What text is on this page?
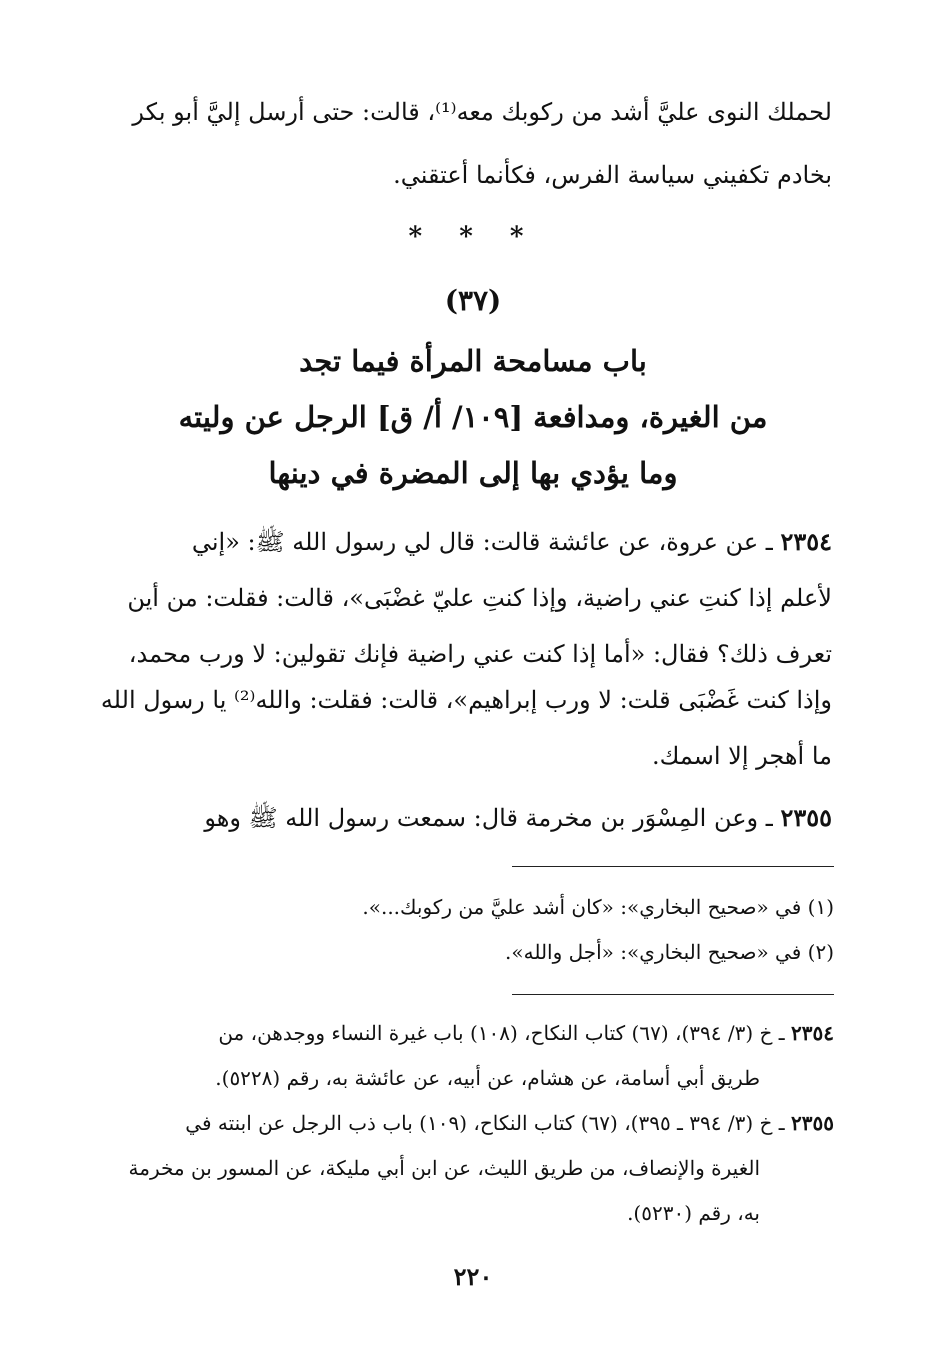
لحملك النوى عليَّ أشد من ركوبك معه⁽¹⁾، قالت: حتى أرسل إليَّ أبو بكر
بخادم تكفيني سياسة الفرس، فكأنما أعتقني.
* * *
(٣٧)
باب مسامحة المرأة فيما تجد
من الغيرة، ومدافعة [١٠٩/ أ/ ق] الرجل عن وليته
وما يؤدي بها إلى المضرة في دينها
٢٣٥٤ ـ عن عروة، عن عائشة قالت: قال لي رسول الله ﷺ: «إني
لأعلم إذا كنتِ عني راضية، وإذا كنتِ عليّ غضْبَى»، قالت: فقلت: من أين
تعرف ذلك؟ فقال: «أما إذا كنت عني راضية فإنك تقولين: لا ورب محمد،
وإذا كنت غَضْبَى قلت: لا ورب إبراهيم»، قالت: فقلت: والله⁽²⁾ يا رسول الله
ما أهجر إلا اسمك.
٢٣٥٥ ـ وعن المِسْوَر بن مخرمة قال: سمعت رسول الله ﷺ وهو
(١) في «صحيح البخاري»: «كان أشد عليَّ من ركوبك...».
(٢) في «صحيح البخاري»: «أجل والله».
٢٣٥٤ ـ خ (٣/ ٣٩٤)، (٦٧) كتاب النكاح، (١٠٨) باب غيرة النساء ووجدهن، من
طريق أبي أسامة، عن هشام، عن أبيه، عن عائشة به، رقم (٥٢٢٨).
٢٣٥٥ ـ خ (٣/ ٣٩٤ ـ ٣٩٥)، (٦٧) كتاب النكاح، (١٠٩) باب ذب الرجل عن ابنته في
الغيرة والإنصاف، من طريق الليث، عن ابن أبي مليكة، عن المسور بن مخرمة
به، رقم (٥٢٣٠).
٢٢٠
